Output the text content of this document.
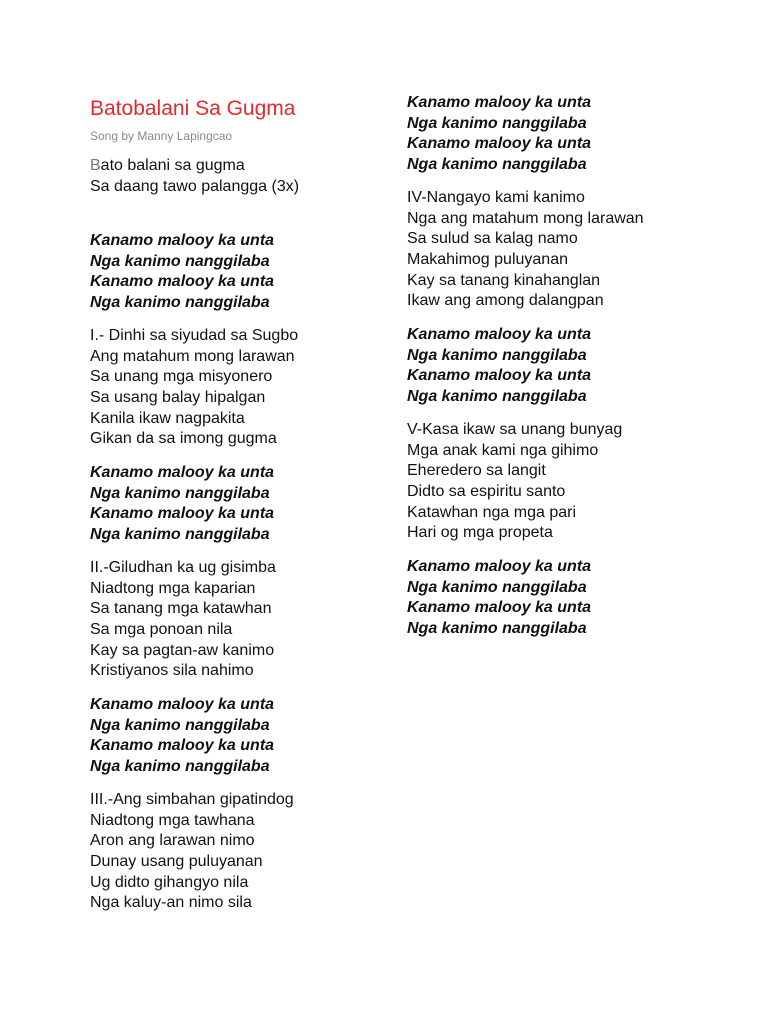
Batobalani Sa Gugma
Song by Manny Lapingcao
Bato balani sa gugma
Sa daang tawo palangga (3x)
Kanamo malooy ka unta
Nga kanimo nanggilaba
Kanamo malooy ka unta
Nga kanimo nanggilaba
I.- Dinhi sa siyudad sa Sugbo
Ang matahum mong larawan
Sa unang mga misyonero
Sa usang balay hipalgan
Kanila ikaw nagpakita
Gikan da sa imong gugma
Kanamo malooy ka unta
Nga kanimo nanggilaba
Kanamo malooy ka unta
Nga kanimo nanggilaba
II.-Giludhan ka ug gisimba
Niadtong mga kaparian
Sa tanang mga katawhan
Sa mga ponoan nila
Kay sa pagtan-aw kanimo
Kristiyanos sila nahimo
Kanamo malooy ka unta
Nga kanimo nanggilaba
Kanamo malooy ka unta
Nga kanimo nanggilaba
III.-Ang simbahan gipatindog
Niadtong mga tawhana
Aron ang larawan nimo
Dunay usang puluyanan
Ug didto gihangyo nila
Nga kaluy-an nimo sila
Kanamo malooy ka unta
Nga kanimo nanggilaba
Kanamo malooy ka unta
Nga kanimo nanggilaba
IV-Nangayo kami kanimo
Nga ang matahum mong larawan
Sa sulud sa kalag namo
Makahimog puluyanan
Kay sa tanang kinahanglan
Ikaw ang among dalangpan
Kanamo malooy ka unta
Nga kanimo nanggilaba
Kanamo malooy ka unta
Nga kanimo nanggilaba
V-Kasa ikaw sa unang bunyag
Mga anak kami nga gihimo
Eheredero sa langit
Didto sa espiritu santo
Katawhan nga mga pari
Hari og mga propeta
Kanamo malooy ka unta
Nga kanimo nanggilaba
Kanamo malooy ka unta
Nga kanimo nanggilaba
